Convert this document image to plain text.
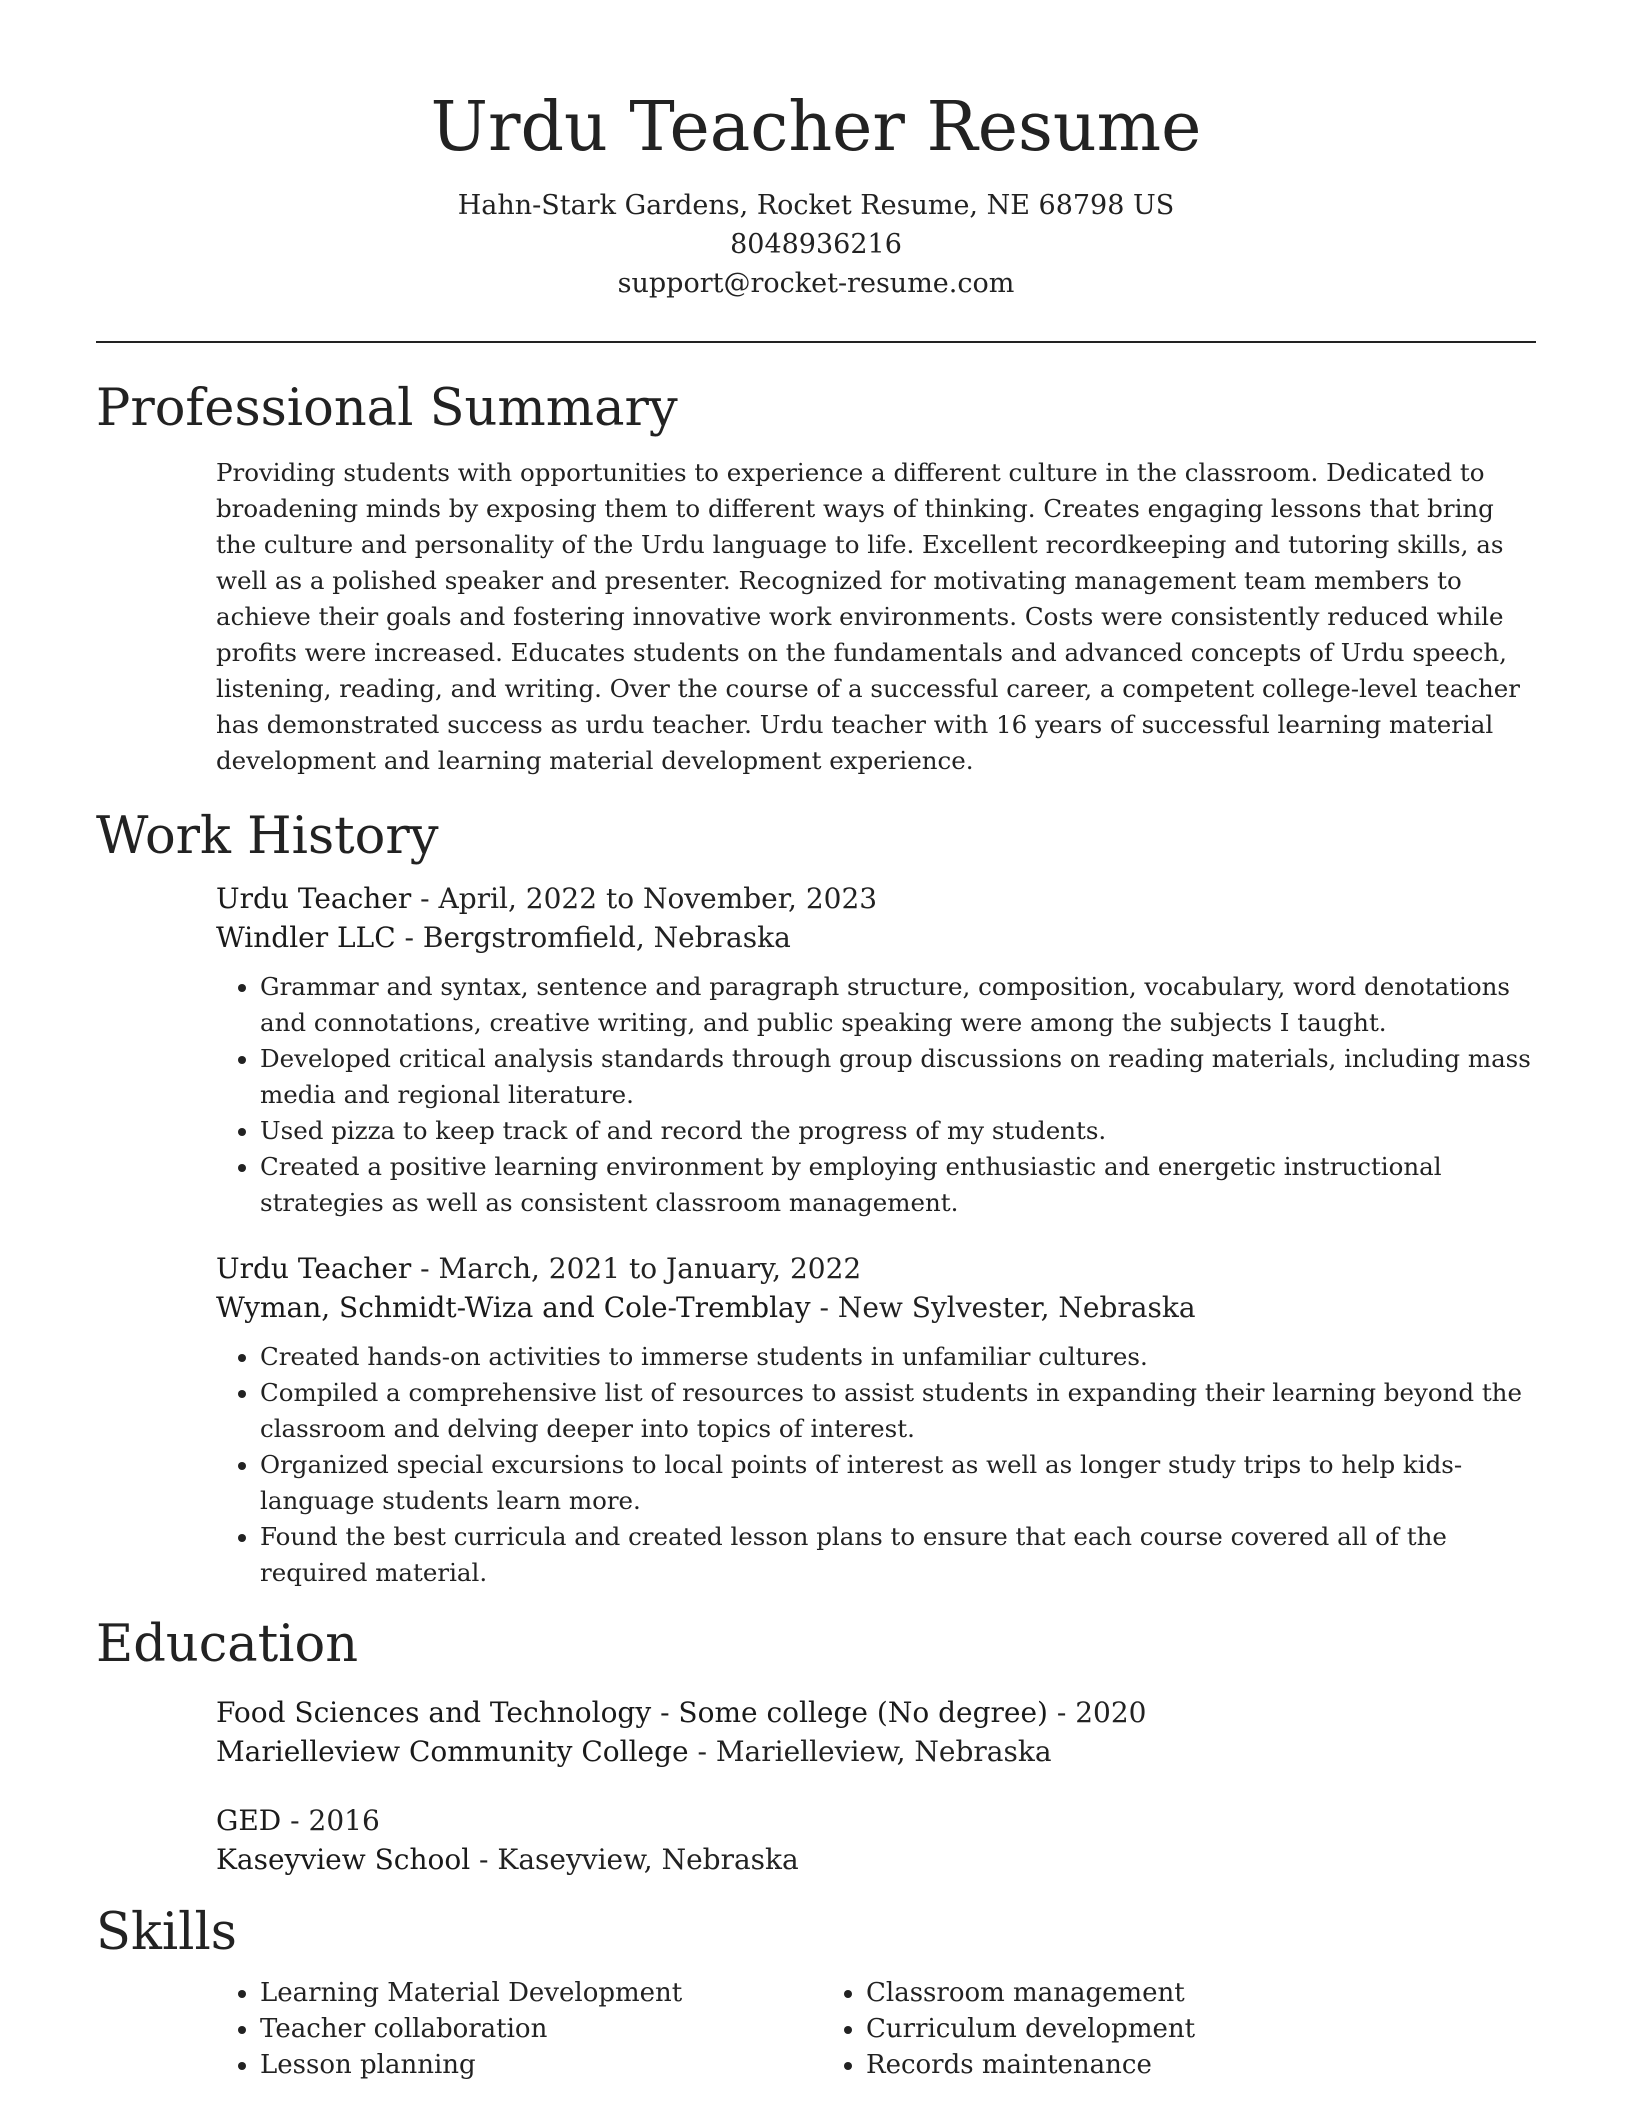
Urdu Teacher Resume
Hahn-Stark Gardens, Rocket Resume, NE 68798 US
8048936216
support@rocket-resume.com
Professional Summary

Providing students with opportunities to experience a different culture in the classroom. Dedicated to broadening minds by exposing them to different ways of thinking. Creates engaging lessons that bring the culture and personality of the Urdu language to life. Excellent recordkeeping and tutoring skills, as well as a polished speaker and presenter. Recognized for motivating management team members to achieve their goals and fostering innovative work environments. Costs were consistently reduced while profits were increased. Educates students on the fundamentals and advanced concepts of Urdu speech, listening, reading, and writing. Over the course of a successful career, a competent college-level teacher has demonstrated success as urdu teacher. Urdu teacher with 16 years of successful learning material development and learning material development experience.

Work History
Urdu Teacher - April, 2022 to November, 2023
Windler LLC - Bergstromfield, Nebraska
• Grammar and syntax, sentence and paragraph structure, composition, vocabulary, word denotations and connotations, creative writing, and public speaking were among the subjects I taught.
• Developed critical analysis standards through group discussions on reading materials, including mass media and regional literature.
• Used pizza to keep track of and record the progress of my students.
• Created a positive learning environment by employing enthusiastic and energetic instructional strategies as well as consistent classroom management.
Urdu Teacher - March, 2021 to January, 2022
Wyman, Schmidt-Wiza and Cole-Tremblay - New Sylvester, Nebraska
• Created hands-on activities to immerse students in unfamiliar cultures.
• Compiled a comprehensive list of resources to assist students in expanding their learning beyond the classroom and delving deeper into topics of interest.
• Organized special excursions to local points of interest as well as longer study trips to help kids-language students learn more.
• Found the best curricula and created lesson plans to ensure that each course covered all of the required material.
Education
Food Sciences and Technology - Some college (No degree) - 2020
Marielleview Community College - Marielleview, Nebraska
GED - 2016
Kaseyview School - Kaseyview, Nebraska
Skills
• Learning Material Development
• Teacher collaboration
• Lesson planning
• Classroom management
• Curriculum development
• Records maintenance
